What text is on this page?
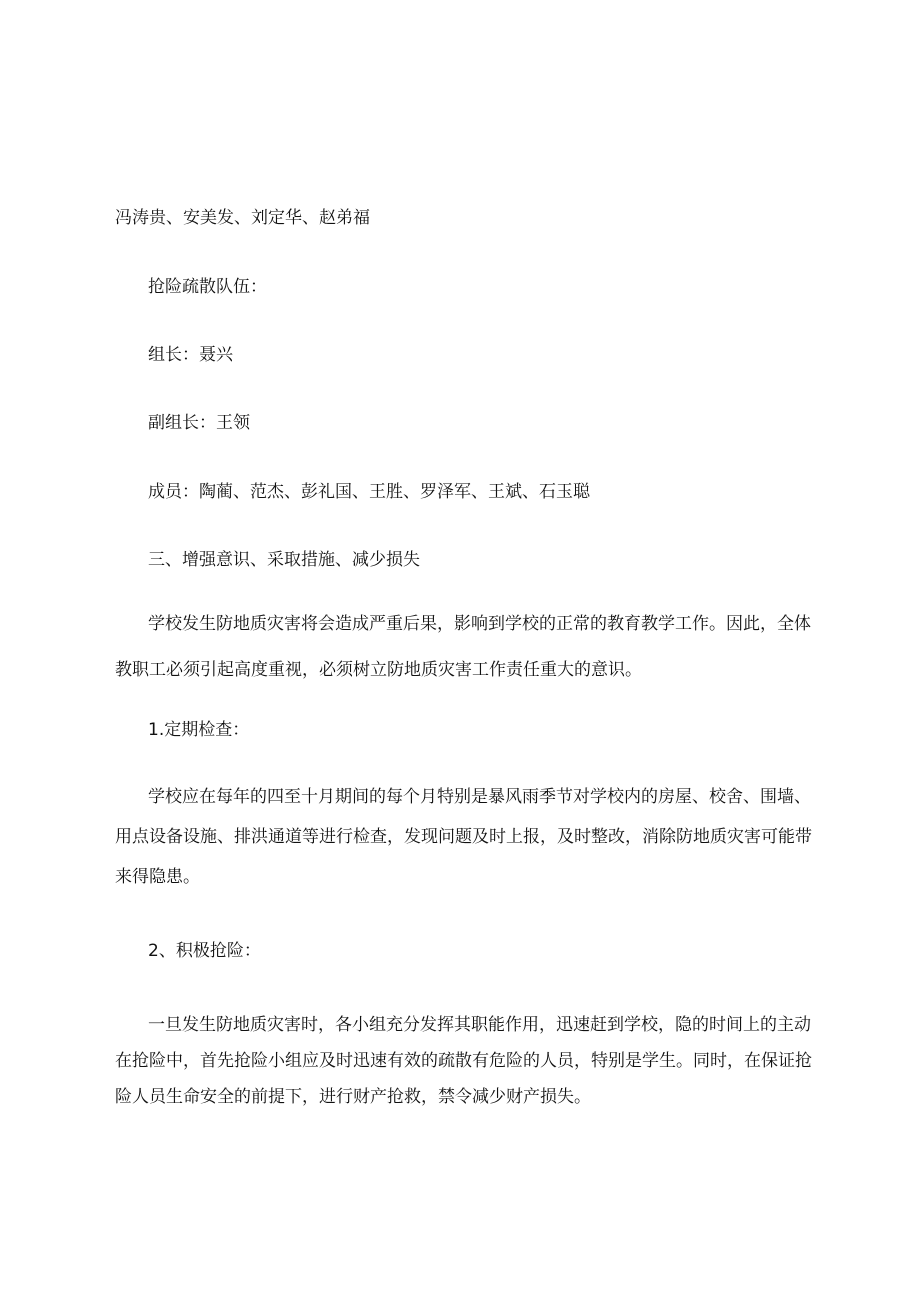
冯涛贵、安美发、刘定华、赵弟福
抢险疏散队伍：
组长：聂兴
副组长：王领
成员：陶蔺、范杰、彭礼国、王胜、罗泽军、王斌、石玉聪
三、增强意识、采取措施、减少损失
学校发生防地质灾害将会造成严重后果，影响到学校的正常的教育教学工作。因此，全体
教职工必须引起高度重视，必须树立防地质灾害工作责任重大的意识。
1.定期检查：
学校应在每年的四至十月期间的每个月特别是暴风雨季节对学校内的房屋、校舍、围墙、
用点设备设施、排洪通道等进行检查，发现问题及时上报，及时整改，消除防地质灾害可能带
来得隐患。
2、积极抢险：
一旦发生防地质灾害时，各小组充分发挥其职能作用，迅速赶到学校，隐的时间上的主动
在抢险中，首先抢险小组应及时迅速有效的疏散有危险的人员，特别是学生。同时，在保证抢
险人员生命安全的前提下，进行财产抢救，禁令减少财产损失。
